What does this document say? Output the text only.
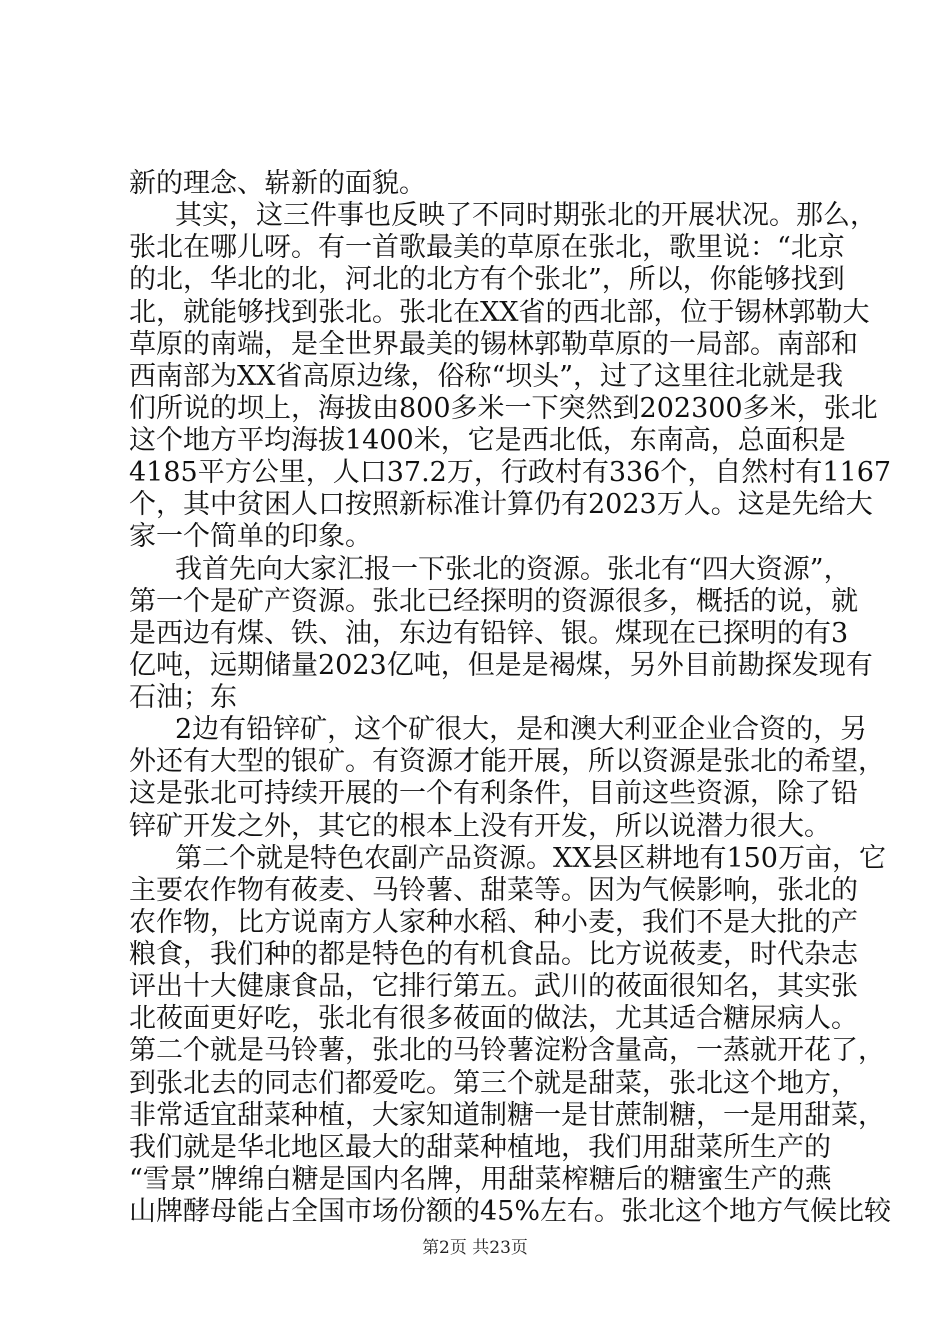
新的理念、崭新的面貌。
其实，这三件事也反映了不同时期张北的开展状况。那么，
张北在哪儿呀。有一首歌最美的草原在张北，歌里说：“北京
的北，华北的北，河北的北方有个张北”，所以，你能够找到
北，就能够找到张北。张北在XX省的西北部，位于锡林郭勒大
草原的南端，是全世界最美的锡林郭勒草原的一局部。南部和
西南部为XX省高原边缘，俗称“坝头”，过了这里往北就是我
们所说的坝上，海拔由800多米一下突然到202300多米，张北
这个地方平均海拔1400米，它是西北低，东南高，总面积是
4185平方公里，人口37.2万，行政村有336个，自然村有1167
个，其中贫困人口按照新标准计算仍有2023万人。这是先给大
家一个简单的印象。
我首先向大家汇报一下张北的资源。张北有“四大资源”，
第一个是矿产资源。张北已经探明的资源很多，概括的说，就
是西边有煤、铁、油，东边有铅锌、银。煤现在已探明的有3
亿吨，远期储量2023亿吨，但是是褐煤，另外目前勘探发现有
石油；东
2边有铅锌矿，这个矿很大，是和澳大利亚企业合资的，另
外还有大型的银矿。有资源才能开展，所以资源是张北的希望，
这是张北可持续开展的一个有利条件，目前这些资源，除了铅
锌矿开发之外，其它的根本上没有开发，所以说潜力很大。
第二个就是特色农副产品资源。XX县区耕地有150万亩，它
主要农作物有莜麦、马铃薯、甜菜等。因为气候影响，张北的
农作物，比方说南方人家种水稻、种小麦，我们不是大批的产
粮食，我们种的都是特色的有机食品。比方说莜麦，时代杂志
评出十大健康食品，它排行第五。武川的莜面很知名，其实张
北莜面更好吃，张北有很多莜面的做法，尤其适合糖尿病人。
第二个就是马铃薯，张北的马铃薯淀粉含量高，一蒸就开花了，
到张北去的同志们都爱吃。第三个就是甜菜，张北这个地方，
非常适宜甜菜种植，大家知道制糖一是甘蔗制糖，一是用甜菜，
我们就是华北地区最大的甜菜种植地，我们用甜菜所生产的
“雪景”牌绵白糖是国内名牌，用甜菜榨糖后的糖蜜生产的燕
山牌酵母能占全国市场份额的45%左右。张北这个地方气候比较
第2页 共23页
